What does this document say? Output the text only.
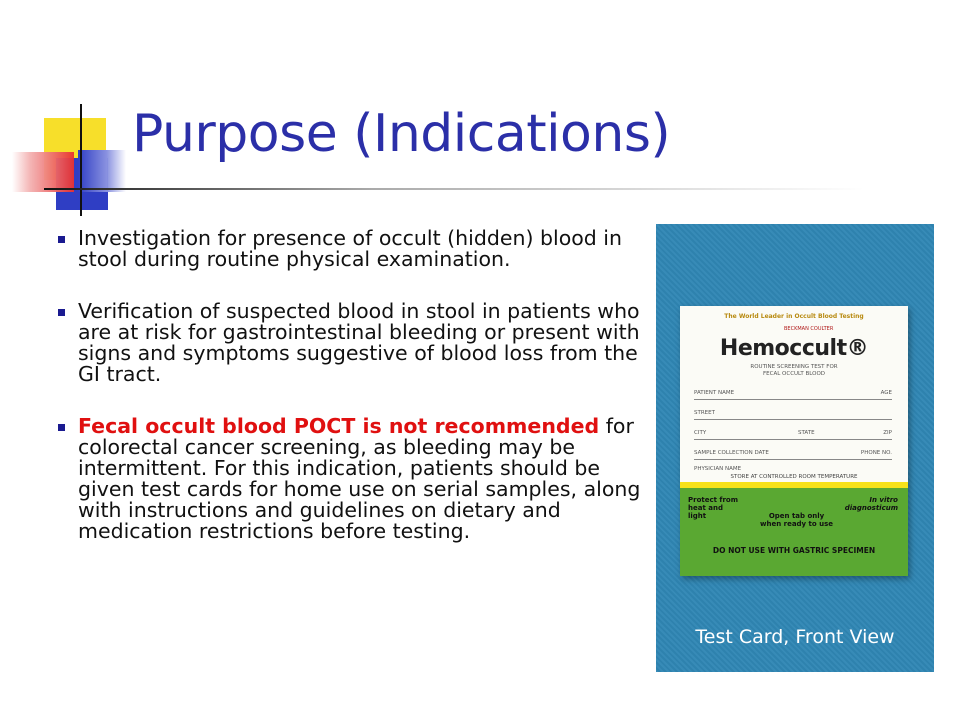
Purpose (Indications)
Investigation for presence of occult (hidden) blood in stool during routine physical examination.
Verification of suspected blood in stool in patients who are at risk for gastrointestinal bleeding or present with signs and symptoms suggestive of blood loss from the GI tract.
Fecal occult blood POCT is not recommended for colorectal cancer screening, as bleeding may be intermittent. For this indication, patients should be given test cards for home use on serial samples, along with instructions and guidelines on dietary and medication restrictions before testing.
The World Leader in Occult Blood Testing
BECKMAN COULTER
Hemoccult®
ROUTINE SCREENING TEST FOR
FECAL OCCULT BLOOD
PATIENT NAME	AGE
STREET
CITY	STATE	ZIP
SAMPLE COLLECTION DATE	PHONE NO.
PHYSICIAN NAME
STORE AT CONTROLLED ROOM TEMPERATURE
Protect from
heat and
light	Open tab only
when ready to use
In vitro
diagnosticum
DO NOT USE WITH GASTRIC SPECIMEN
Test Card, Front View
